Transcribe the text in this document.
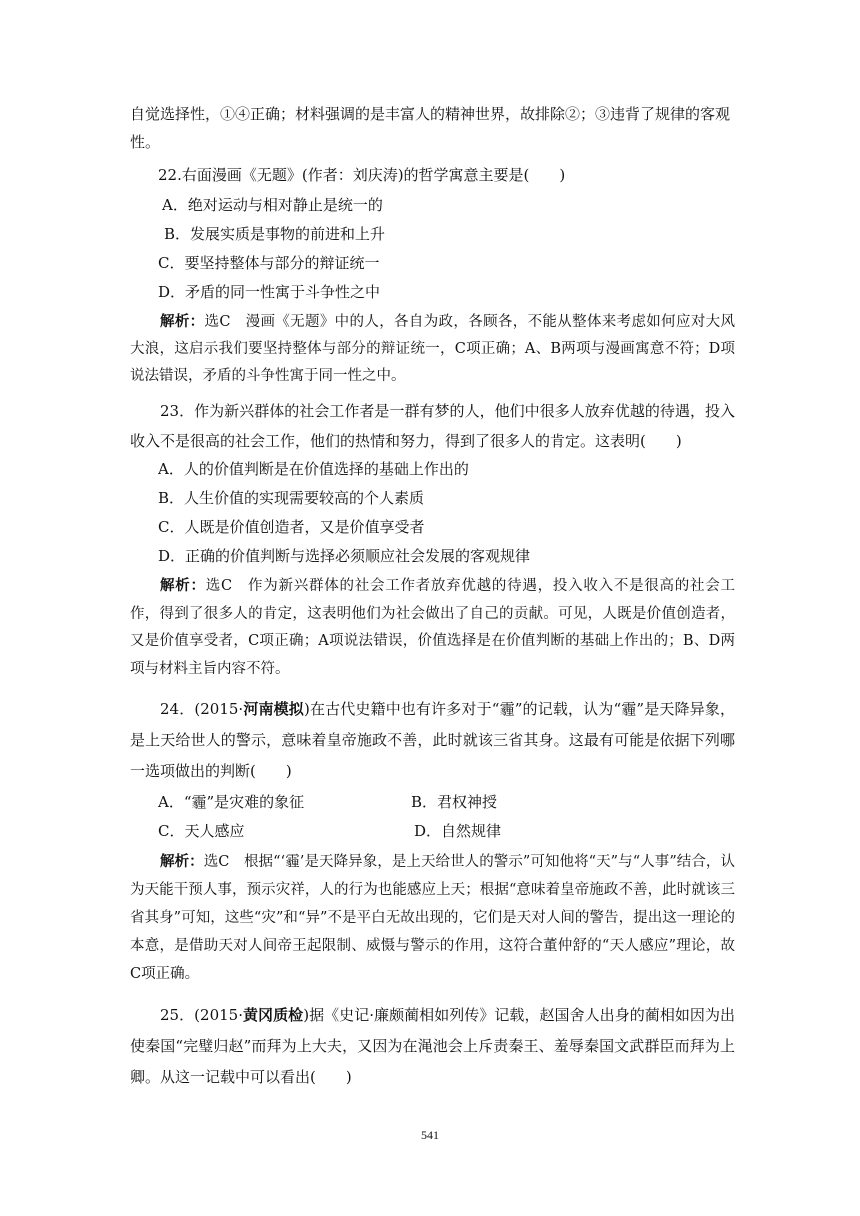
自觉选择性，①④正确；材料强调的是丰富人的精神世界，故排除②；③违背了规律的客观
性。
22.右面漫画《无题》(作者：刘庆涛)的哲学寓意主要是(　　)
A．绝对运动与相对静止是统一的
B．发展实质是事物的前进和上升
C．要坚持整体与部分的辩证统一
D．矛盾的同一性寓于斗争性之中
解析：选C　漫画《无题》中的人，各自为政，各顾各，不能从整体来考虑如何应对大风大浪，这启示我们要坚持整体与部分的辩证统一，C项正确；A、B两项与漫画寓意不符；D项说法错误，矛盾的斗争性寓于同一性之中。
23．作为新兴群体的社会工作者是一群有梦的人，他们中很多人放弃优越的待遇，投入收入不是很高的社会工作，他们的热情和努力，得到了很多人的肯定。这表明(　　)
A．人的价值判断是在价值选择的基础上作出的
B．人生价值的实现需要较高的个人素质
C．人既是价值创造者，又是价值享受者
D．正确的价值判断与选择必须顺应社会发展的客观规律
解析：选C　作为新兴群体的社会工作者放弃优越的待遇，投入收入不是很高的社会工作，得到了很多人的肯定，这表明他们为社会做出了自己的贡献。可见，人既是价值创造者，又是价值享受者，C项正确；A项说法错误，价值选择是在价值判断的基础上作出的；B、D两项与材料主旨内容不符。
24．(2015·河南模拟)在古代史籍中也有许多对于“霾”的记载，认为“霾”是天降异象，是上天给世人的警示，意味着皇帝施政不善，此时就该三省其身。这最有可能是依据下列哪一选项做出的判断(　　)
A．“霾”是灾难的象征	B．君权神授
C．天人感应	D．自然规律
解析：选C　根据“‘霾’是天降异象，是上天给世人的警示”可知他将“天”与“人事”结合，认为天能干预人事，预示灾祥，人的行为也能感应上天；根据“意味着皇帝施政不善，此时就该三省其身”可知，这些“灾”和“异”不是平白无故出现的，它们是天对人间的警告，提出这一理论的本意，是借助天对人间帝王起限制、威慑与警示的作用，这符合董仲舒的“天人感应”理论，故C项正确。
25．(2015·黄冈质检)据《史记·廉颇蔺相如列传》记载，赵国舍人出身的蔺相如因为出使秦国“完璧归赵”而拜为上大夫，又因为在渑池会上斥责秦王、羞辱秦国文武群臣而拜为上卿。从这一记载中可以看出(　　)
541
